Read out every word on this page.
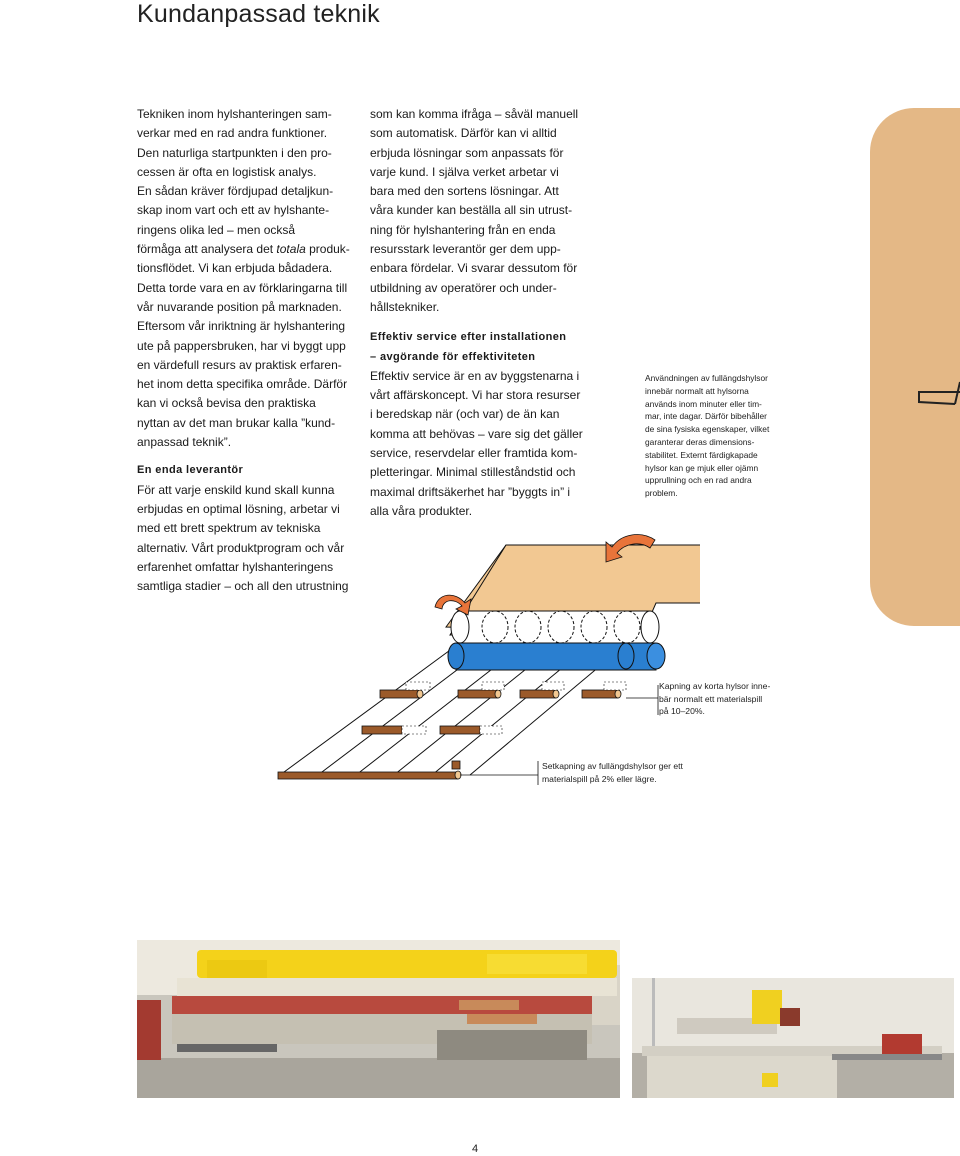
Kundanpassad teknik

Tekniken inom hylshanteringen sam-

verkar med en rad andra funktioner.

Den naturliga startpunkten i den pro-

cessen är ofta en logistisk analys.

En sådan kräver fördjupad detaljkun-

skap inom vart och ett av hylshante-

ringens olika led – men också

förmåga att analysera det totala produk-

tionsflödet. Vi kan erbjuda bådadera.

Detta torde vara en av förklaringarna till

vår nuvarande position på marknaden.

Eftersom vår inriktning är hylshantering

ute på pappersbruken, har vi byggt upp

en värdefull resurs av praktisk erfaren-

het inom detta specifika område. Därför

kan vi också bevisa den praktiska

nyttan av det man brukar kalla ”kund-

anpassad teknik”.

En enda leverantör

För att varje enskild kund skall kunna

erbjudas en optimal lösning, arbetar vi

med ett brett spektrum av tekniska

alternativ. Vårt produktprogram och vår

erfarenhet omfattar hylshanteringens

samtliga stadier – och all den utrustning

som kan komma ifråga – såväl manuell

som automatisk. Därför kan vi alltid

erbjuda lösningar som anpassats för

varje kund. I själva verket arbetar vi

bara med den sortens lösningar. Att

våra kunder kan beställa all sin utrust-

ning för hylshantering från en enda

resursstark leverantör ger dem upp-

enbara fördelar. Vi svarar dessutom för

utbildning av operatörer och under-

hållstekniker.

Effektiv service efter installationen

– avgörande för effektiviteten

Effektiv service är en av byggstenarna i

vårt affärskoncept. Vi har stora resurser

i beredskap när (och var) de än kan

komma att behövas – vare sig det gäller

service, reservdelar eller framtida kom-

pletteringar. Minimal stilleståndstid och

maximal driftsäkerhet har ”byggts in” i

alla våra produkter.

Användningen av fullängdshylsor
innebär normalt att hylsorna
används inom minuter eller tim-
mar, inte dagar. Därför bibehåller
de sina fysiska egenskaper, vilket
garanterar deras dimensions-
stabilitet. Externt färdigkapade
hylsor kan ge mjuk eller ojämn
upprullning och en rad andra
problem.
Kapning av korta hylsor inne-
bär normalt ett materialspill
på 10–20%.
Setkapning av fullängdshylsor ger ett
materialspill på 2% eller lägre.
4
